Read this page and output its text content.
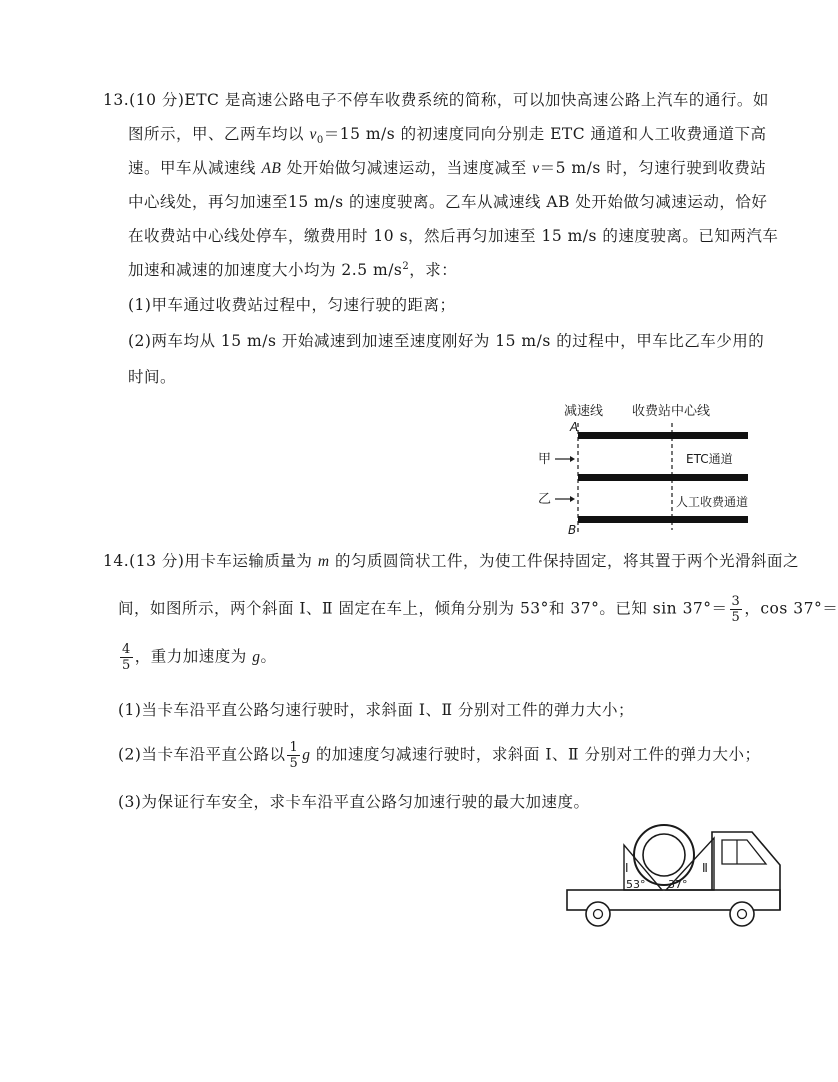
13.(10 分)ETC 是高速公路电子不停车收费系统的简称，可以加快高速公路上汽车的通行。如
图所示，甲、乙两车均以 $v_0=15$ m/s 的初速度同向分别走 ETC 通道和人工收费通道下高
速。甲车从减速线 AB 处开始做匀减速运动，当速度减至 v＝5 m/s 时，匀速行驶到收费站
中心线处，再匀加速至15 m/s 的速度驶离。乙车从减速线 AB 处开始做匀减速运动，恰好
在收费站中心线处停车，缴费用时 10 s，然后再匀加速至 15 m/s 的速度驶离。已知两汽车
加速和减速的加速度大小均为 2.5 $m/s^2$，求：
(1)甲车通过收费站过程中，匀速行驶的距离；
(2)两车均从 15 m/s 开始减速到加速至速度刚好为 15 m/s 的过程中，甲车比乙车少用的
时间。
减速线 收费站中心线
A
甲
乙
ETC通道
人工收费通道
B
14.(13 分)用卡车运输质量为 m 的匀质圆筒状工件，为使工件保持固定，将其置于两个光滑斜面之
间，如图所示，两个斜面 Ⅰ、Ⅱ 固定在车上，倾角分别为 53°和 37°。已知 $\sin 37^\circ= \frac{3}{5}$ ，cos 37°＝
$\frac{4}{5}$ ，重力加速度为 g。
(1)当卡车沿平直公路匀速行驶时，求斜面 Ⅰ、Ⅱ 分别对工件的弹力大小；
(2)当卡车沿平直公路以 $\frac{1}{5}$ g 的加速度匀减速行驶时，求斜面 Ⅰ、Ⅱ 分别对工件的弹力大小；
(3)为保证行车安全，求卡车沿平直公路匀加速行驶的最大加速度。
Ⅰ	Ⅱ
53° 37°
